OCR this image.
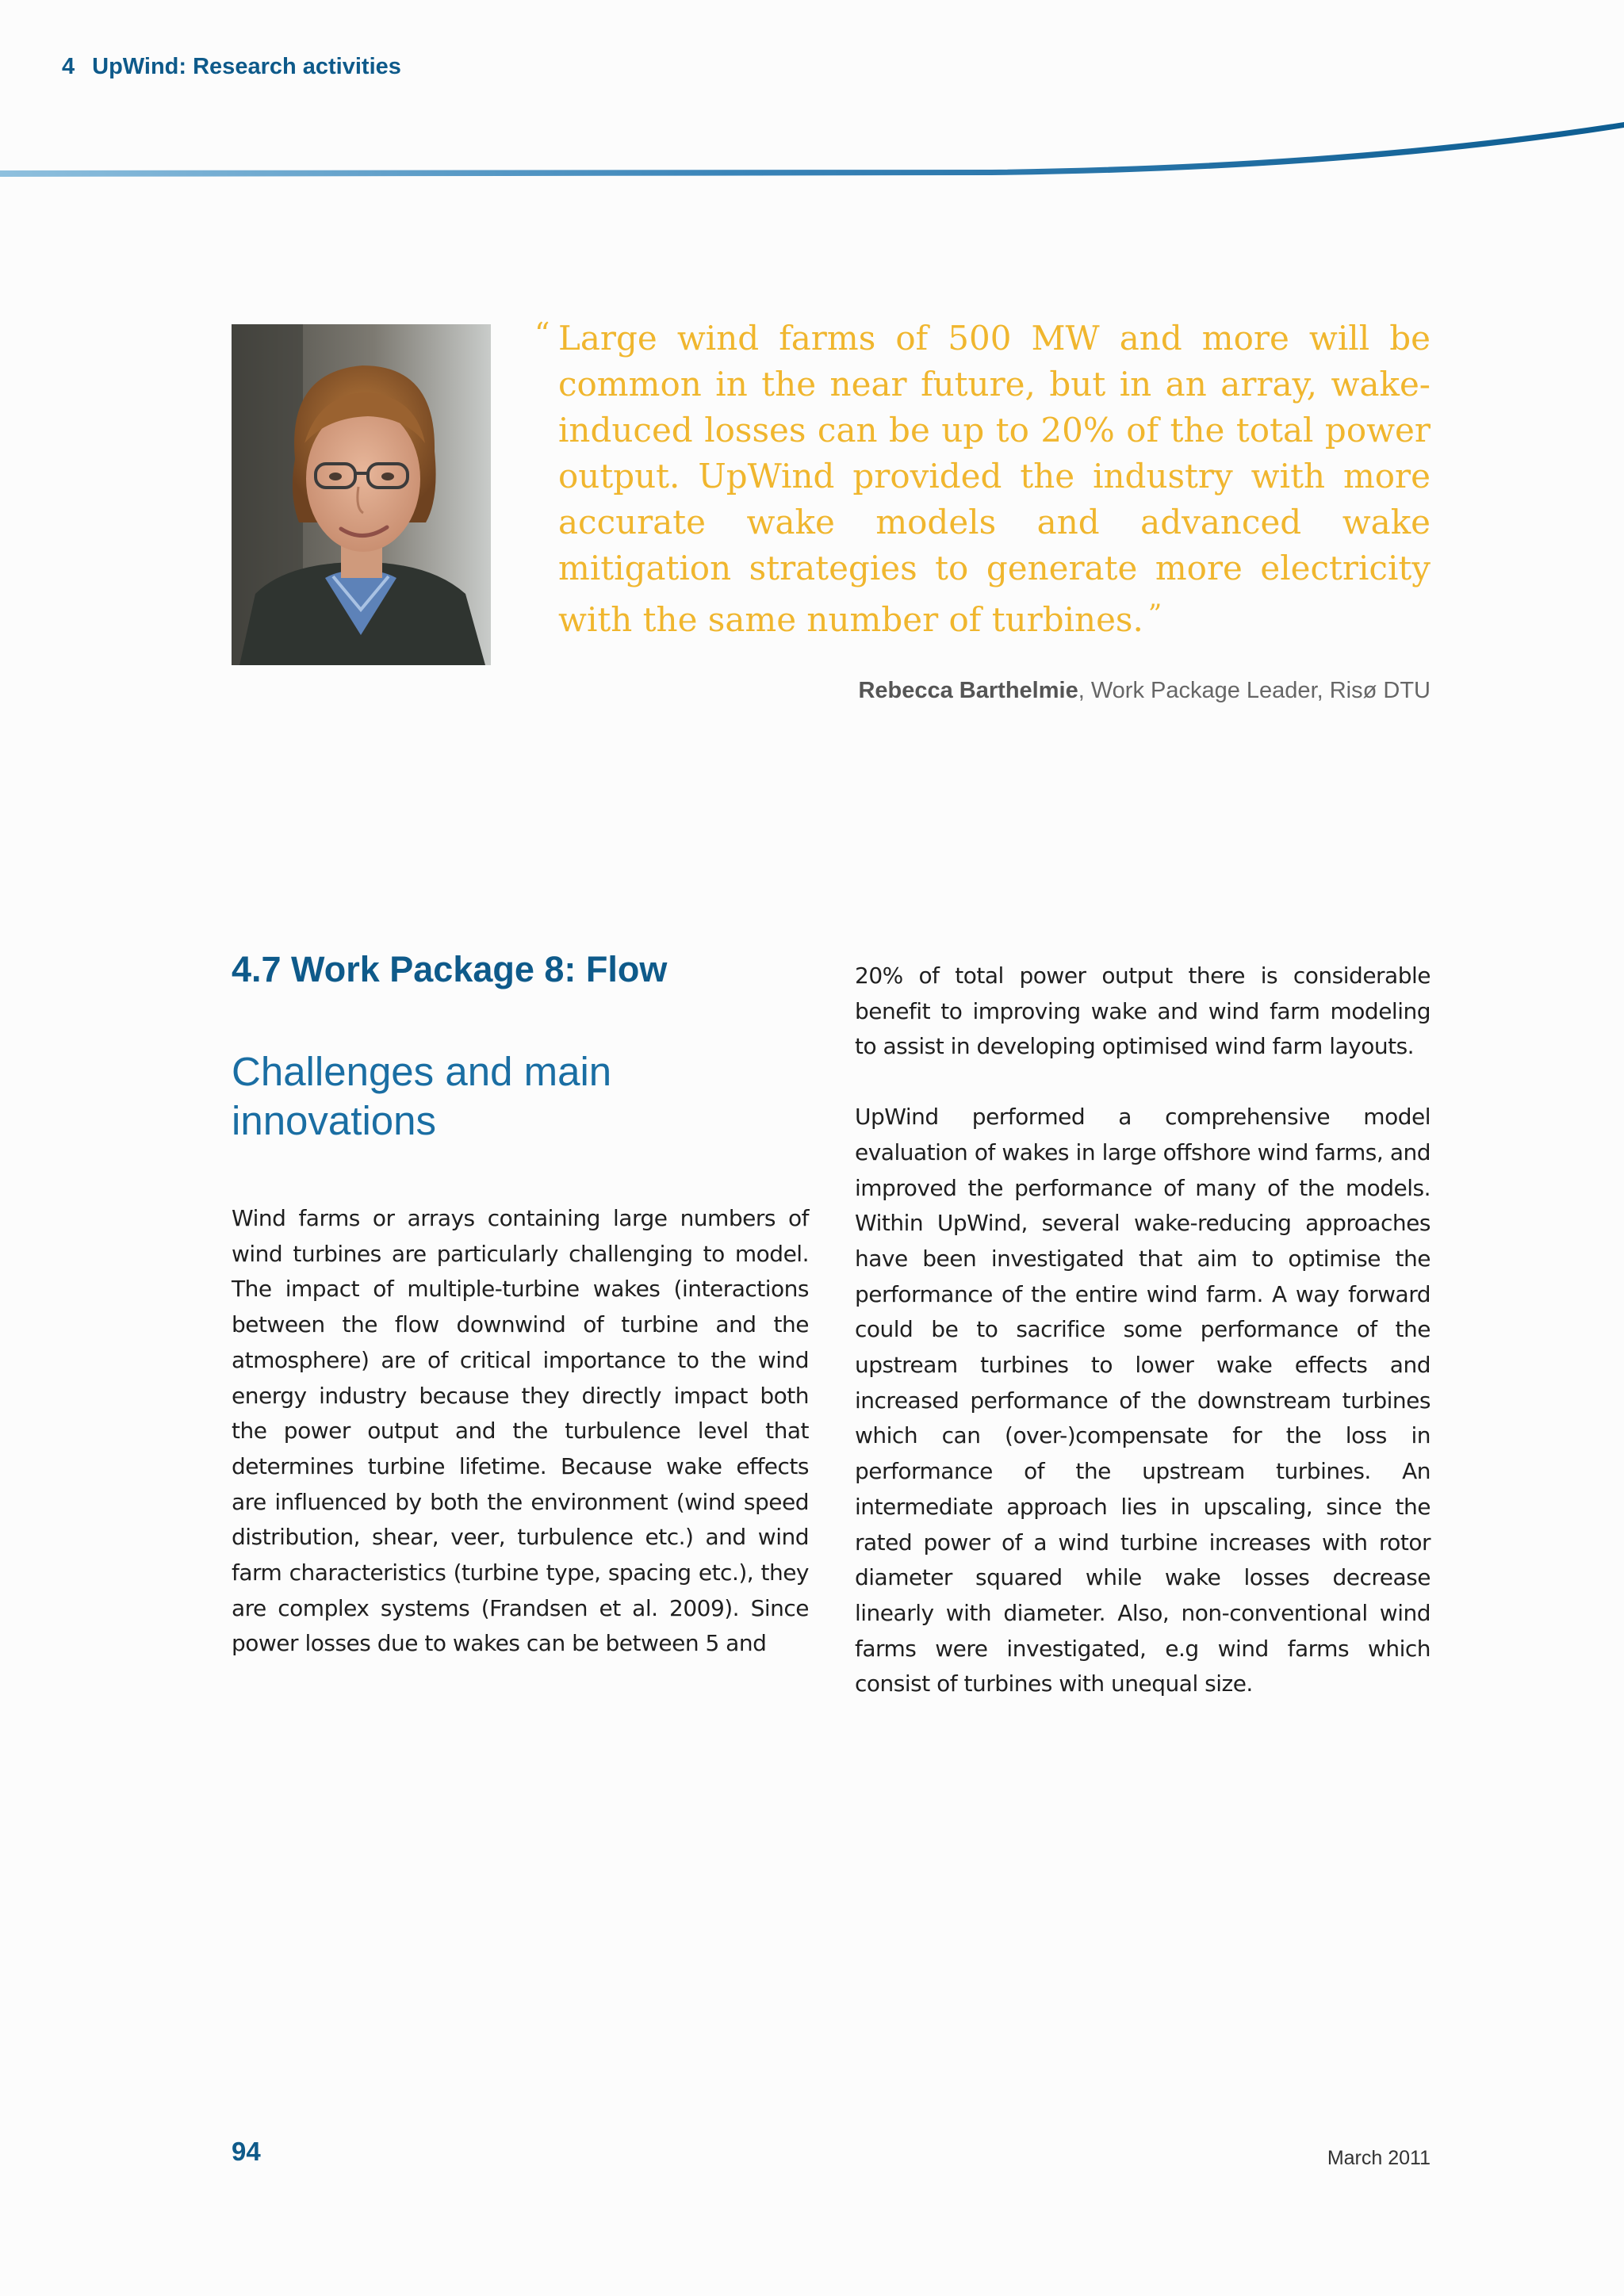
4 UpWind: Research activities
“ Large wind farms of 500 MW and more will be common in the near future, but in an array, wake-induced losses can be up to 20% of the total power output. UpWind provided the industry with more accurate wake models and advanced wake mitigation strategies to generate more electricity with the same number of turbines. ”
Rebecca Barthelmie, Work Package Leader, Risø DTU
4.7 Work Package 8: Flow
Challenges and main innovations

Wind farms or arrays containing large numbers of wind turbines are particularly challenging to model. The impact of multiple-turbine wakes (interactions between the flow downwind of turbine and the atmosphere) are of critical importance to the wind energy industry because they directly impact both the power output and the turbulence level that determines turbine lifetime. Because wake effects are influenced by both the environment (wind speed distribution, shear, veer, turbulence etc.) and wind farm characteristics (turbine type, spacing etc.), they are complex systems (Frandsen et al. 2009). Since power losses due to wakes can be between 5 and

20% of total power output there is considerable benefit to improving wake and wind farm modeling to assist in developing optimised wind farm layouts.

UpWind performed a comprehensive model evaluation of wakes in large offshore wind farms, and improved the performance of many of the models. Within UpWind, several wake-reducing approaches have been investigated that aim to optimise the performance of the entire wind farm. A way forward could be to sacrifice some performance of the upstream turbines to lower wake effects and increased performance of the downstream turbines which can (over-)compensate for the loss in performance of the upstream turbines. An intermediate approach lies in upscaling, since the rated power of a wind turbine increases with rotor diameter squared while wake losses decrease linearly with diameter. Also, non-conventional wind farms were investigated, e.g wind farms which consist of turbines with unequal size.

94	March 2011
